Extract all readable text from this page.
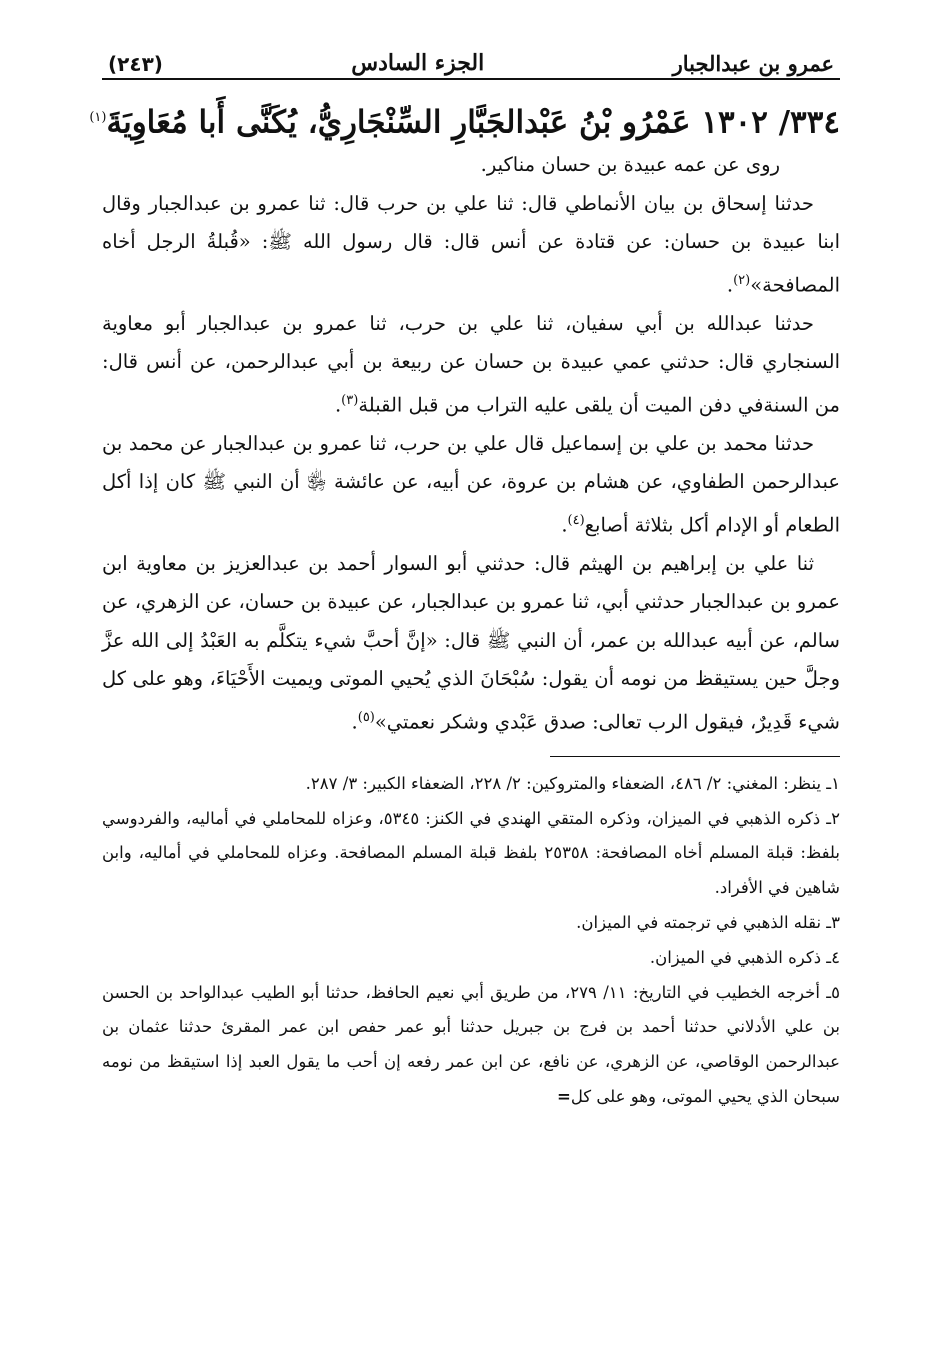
عمرو بن عبدالجبار
الجزء السادس
(٢٤٣)
٣٣٤/ ١٣٠٢ عَمْرُو بْنُ عَبْدالجَبَّارِ السِّنْجَارِيُّ، يُكَنَّى أَبا مُعَاوِيَةَ$^{(١)}$

روى عن عمه عبيدة بن حسان مناكير.

حدثنا إسحاق بن بيان الأنماطي قال: ثنا علي بن حرب قال: ثنا عمرو بن عبدالجبار وقال ابنا عبيدة بن حسان: عن قتادة عن أنس قال: قال رسول الله ﷺ: «قُبلةُ الرجل أخاه المصافحة»$^{(٢)}$.

حدثنا عبدالله بن أبي سفيان، ثنا علي بن حرب، ثنا عمرو بن عبدالجبار أبو معاوية السنجاري قال: حدثني عمي عبيدة بن حسان عن ربيعة بن أبي عبدالرحمن، عن أنس قال: من السنةفي دفن الميت أن يلقى عليه التراب من قبل القبلة$^{(٣)}$.

حدثنا محمد بن علي بن إسماعيل قال علي بن حرب، ثنا عمرو بن عبدالجبار عن محمد بن عبدالرحمن الطفاوي، عن هشام بن عروة، عن أبيه، عن عائشة ﵂ أن النبي ﷺ كان إذا أكل الطعام أو الإدام أكل بثلاثة أصابع$^{(٤)}$.

ثنا علي بن إبراهيم بن الهيثم قال: حدثني أبو السوار أحمد بن عبدالعزيز بن معاوية ابن عمرو بن عبدالجبار حدثني أبي، ثنا عمرو بن عبدالجبار، عن عبيدة بن حسان، عن الزهري، عن سالم، عن أبيه عبدالله بن عمر، أن النبي ﷺ قال: «إنَّ أحبَّ شيء يتكلَّم به العَبْدُ إلى الله عزَّ وجلَّ حين يستيقظ من نومه أن يقول: سُبْحَانَ الذي يُحيي الموتى ويميت الأَحْيَاءَ، وهو على كل شيء قَدِيرٌ، فيقول الرب تعالى: صدق عَبْدي وشكر نعمتي»$^{(٥)}$.

١ـ ينظر: المغني: ٢/ ٤٨٦، الضعفاء والمتروكين: ٢/ ٢٢٨، الضعفاء الكبير: ٣/ ٢٨٧.

٢ـ ذكره الذهبي في الميزان، وذكره المتقي الهندي في الكنز: ٥٣٤٥، وعزاه للمحاملي في أماليه، والفردوسي بلفظ: قبلة المسلم أخاه المصافحة: ٢٥٣٥٨ بلفظ قبلة المسلم المصافحة. وعزاه للمحاملي في أماليه، وابن شاهين في الأفراد.

٣ـ نقله الذهبي في ترجمته في الميزان.

٤ـ ذكره الذهبي في الميزان.

٥ـ أخرجه الخطيب في التاريخ: ١١/ ٢٧٩، من طريق أبي نعيم الحافظ، حدثنا أبو الطيب عبدالواحد بن الحسن بن علي الأدلاني حدثنا أحمد بن فرج بن جبريل حدثنا أبو عمر حفص ابن عمر المقرئ حدثنا عثمان بن عبدالرحمن الوقاصي، عن الزهري، عن نافع، عن ابن عمر رفعه إن أحب ما يقول العبد إذا استيقظ من نومه سبحان الذي يحيي الموتى، وهو على كل=
